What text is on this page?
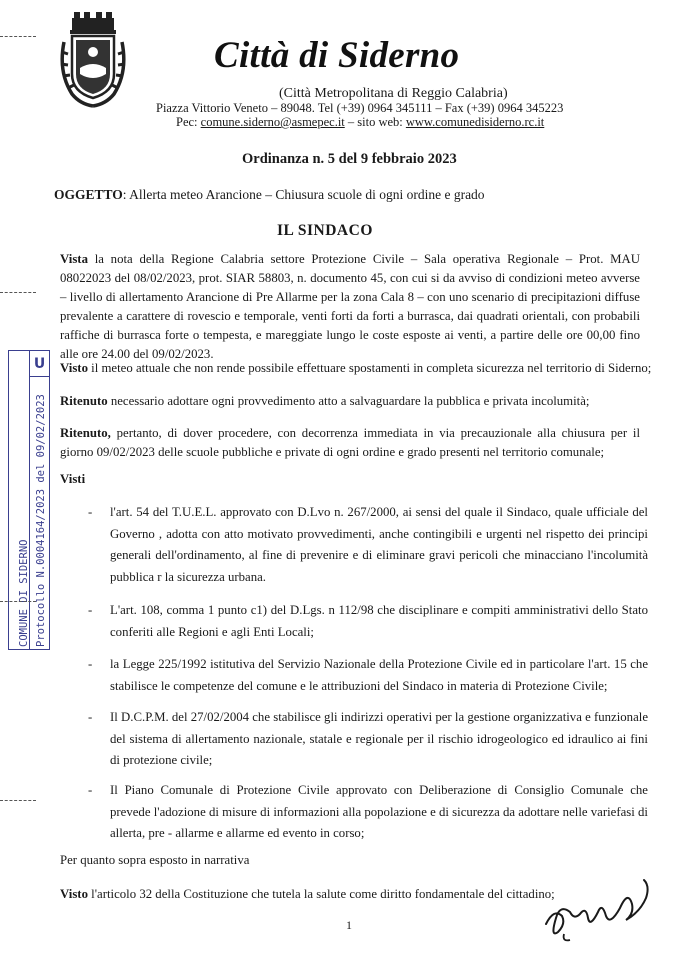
Città di Siderno
(Città Metropolitana di Reggio Calabria)
Piazza Vittorio Veneto – 89048. Tel (+39) 0964 345111 – Fax (+39) 0964 345223
Pec: comune.siderno@asmepec.it – sito web: www.comunedisiderno.rc.it
Ordinanza n. 5 del 9 febbraio 2023
OGGETTO: Allerta meteo Arancione – Chiusura scuole di ogni ordine e grado
IL SINDACO
Vista la nota della Regione Calabria settore Protezione Civile – Sala operativa Regionale – Prot. MAU 08022023 del 08/02/2023, prot. SIAR 58803, n. documento 45, con cui si da avviso di condizioni meteo avverse – livello di allertamento Arancione di Pre Allarme per la zona Cala 8 – con uno scenario di precipitazioni diffuse prevalente a carattere di rovescio e temporale, venti forti da forti a burrasca, dai quadrati orientali, con probabili raffiche di burrasca forte o tempesta, e mareggiate lungo le coste esposte ai venti, a partire delle ore 00,00 fino alle ore 24.00 del 09/02/2023.
Visto il meteo attuale che non rende possibile effettuare spostamenti in completa sicurezza nel territorio di Siderno;
Ritenuto necessario adottare ogni provvedimento atto a salvaguardare la pubblica e privata incolumità;
Ritenuto, pertanto, di dover procedere, con decorrenza immediata in via precauzionale alla chiusura per il giorno 09/02/2023 delle scuole pubbliche e private di ogni ordine e grado presenti nel territorio comunale;
Visti
-	l'art. 54 del T.U.E.L. approvato con D.Lvo n. 267/2000, ai sensi del quale il Sindaco, quale ufficiale del Governo , adotta con atto motivato provvedimenti, anche contingibili e urgenti nel rispetto dei principi generali dell'ordinamento, al fine di prevenire e di eliminare gravi pericoli che minacciano l'incolumità pubblica r la sicurezza urbana.
-	L'art. 108, comma 1 punto c1) del D.Lgs. n 112/98 che disciplinare e compiti amministrativi dello Stato conferiti alle Regioni e agli Enti Locali;
-	la Legge 225/1992 istitutiva del Servizio Nazionale della Protezione Civile ed in particolare l'art. 15 che stabilisce le competenze del comune e le attribuzioni del Sindaco in materia di Protezione Civile;
-	Il D.C.P.M. del 27/02/2004 che stabilisce gli indirizzi operativi per la gestione organizzativa e funzionale del sistema di allertamento nazionale, statale e regionale per il rischio idrogeologico ed idraulico ai fini di protezione civile;
-	Il Piano Comunale di Protezione Civile approvato con Deliberazione di Consiglio Comunale che prevede l'adozione di misure di informazioni alla popolazione e di sicurezza da adottare nelle variefasi di allerta, pre - allarme e allarme ed evento in corso;
Per quanto sopra esposto in narrativa
Visto l'articolo 32 della Costituzione che tutela la salute come diritto fondamentale del cittadino;
1
U
COMUNE DI SIDERNO Protocollo N.0004164/2023 del 09/02/2023
